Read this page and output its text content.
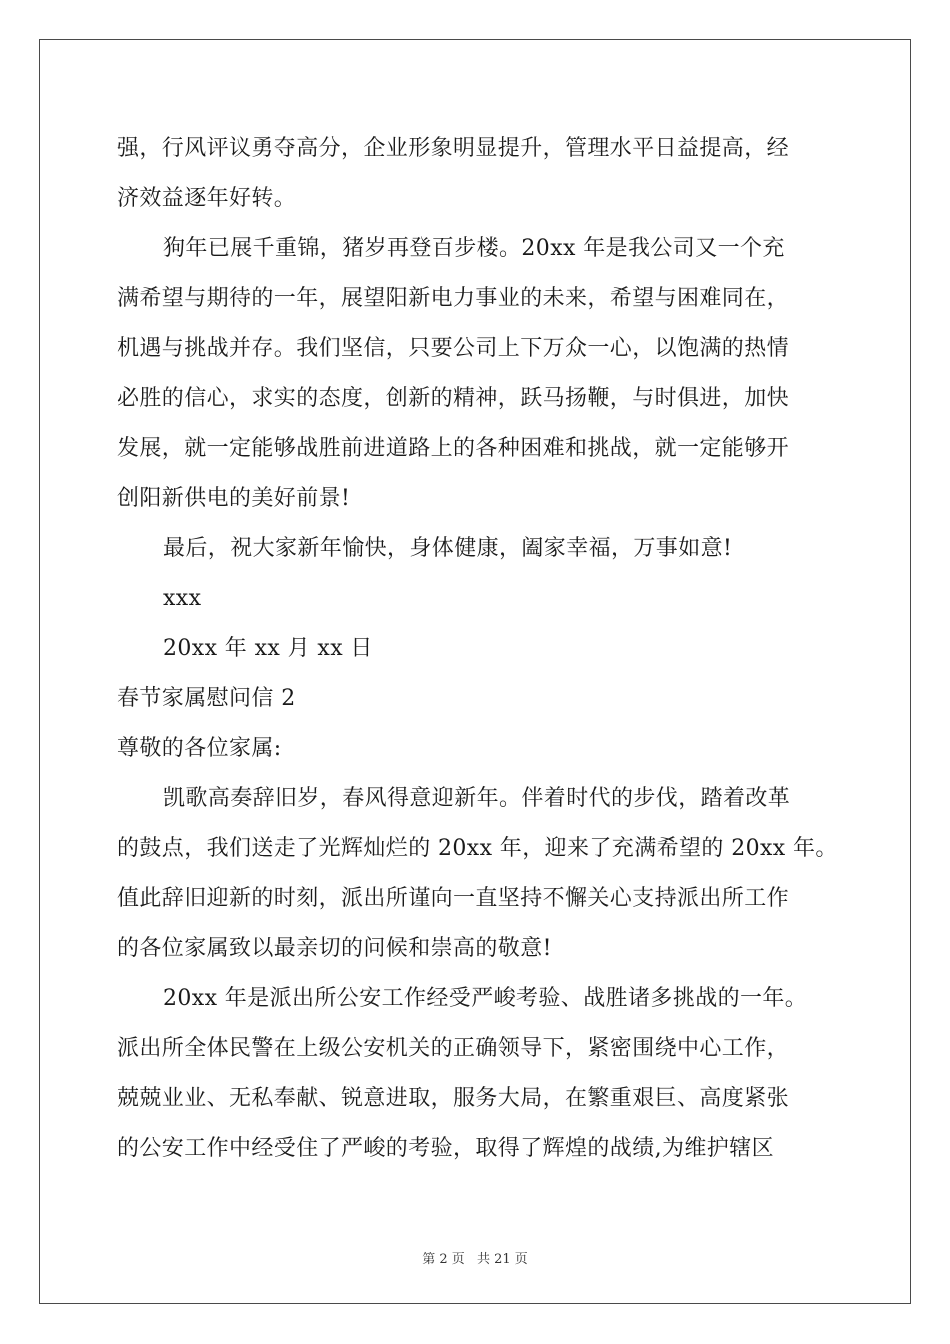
强，行风评议勇夺高分，企业形象明显提升，管理水平日益提高，经
济效益逐年好转。
狗年已展千重锦，猪岁再登百步楼。20xx 年是我公司又一个充
满希望与期待的一年，展望阳新电力事业的未来，希望与困难同在，
机遇与挑战并存。我们坚信，只要公司上下万众一心，以饱满的热情
必胜的信心，求实的态度，创新的精神，跃马扬鞭，与时俱进，加快
发展，就一定能够战胜前进道路上的各种困难和挑战，就一定能够开
创阳新供电的美好前景!
最后，祝大家新年愉快，身体健康，阖家幸福，万事如意!
xxx
20xx 年 xx 月 xx 日
春节家属慰问信 2
尊敬的各位家属:
凯歌高奏辞旧岁，春风得意迎新年。伴着时代的步伐，踏着改革
的鼓点，我们送走了光辉灿烂的 20xx 年，迎来了充满希望的 20xx 年。
值此辞旧迎新的时刻，派出所谨向一直坚持不懈关心支持派出所工作
的各位家属致以最亲切的问候和崇高的敬意!
20xx 年是派出所公安工作经受严峻考验、战胜诸多挑战的一年。
派出所全体民警在上级公安机关的正确领导下，紧密围绕中心工作，
兢兢业业、无私奉献、锐意进取，服务大局，在繁重艰巨、高度紧张
的公安工作中经受住了严峻的考验，取得了辉煌的战绩,为维护辖区
第 2 页 共 21 页
